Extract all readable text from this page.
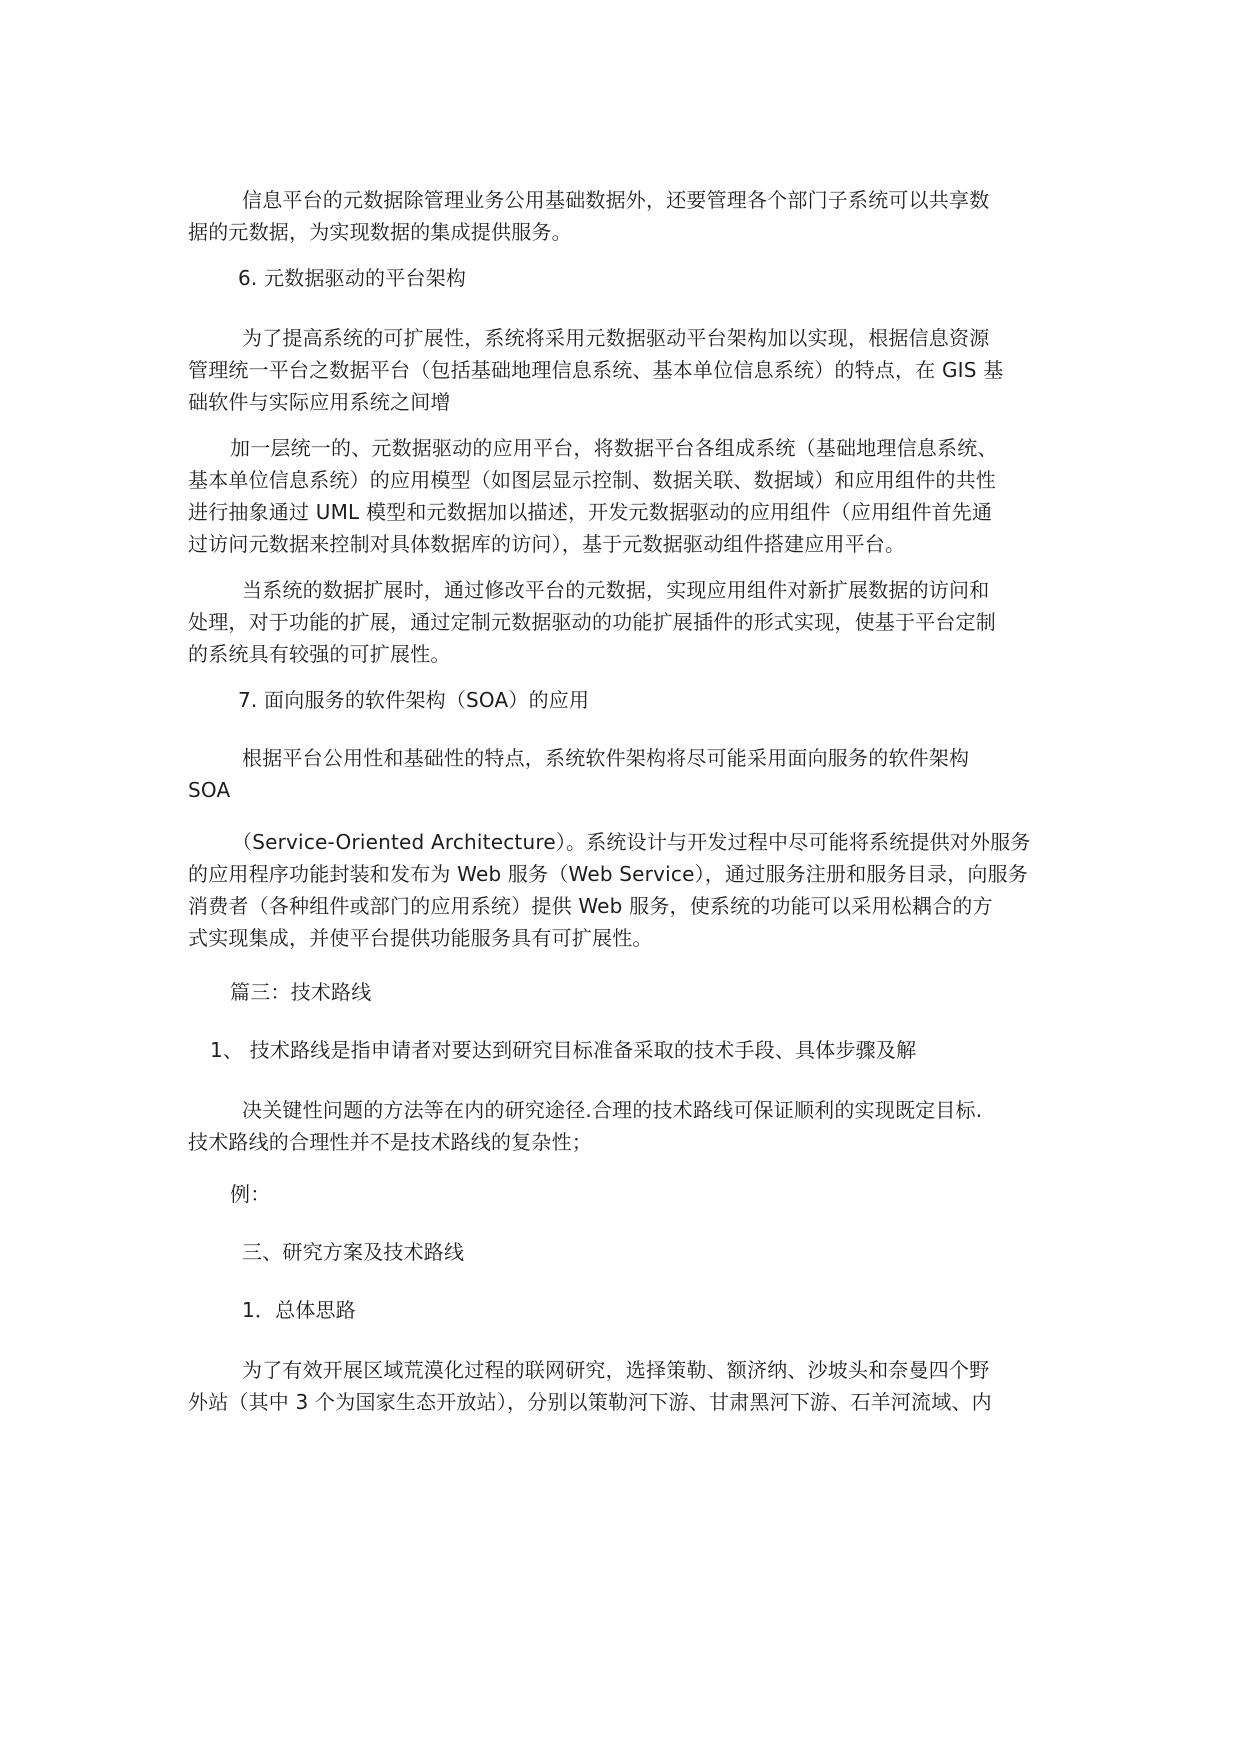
信息平台的元数据除管理业务公用基础数据外，还要管理各个部门子系统可以共享数
据的元数据，为实现数据的集成提供服务。
6. 元数据驱动的平台架构
为了提高系统的可扩展性，系统将采用元数据驱动平台架构加以实现，根据信息资源
管理统一平台之数据平台（包括基础地理信息系统、基本单位信息系统）的特点，在 GIS 基
础软件与实际应用系统之间增
加一层统一的、元数据驱动的应用平台，将数据平台各组成系统（基础地理信息系统、
基本单位信息系统）的应用模型（如图层显示控制、数据关联、数据域）和应用组件的共性
进行抽象通过 UML 模型和元数据加以描述，开发元数据驱动的应用组件（应用组件首先通
过访问元数据来控制对具体数据库的访问），基于元数据驱动组件搭建应用平台。
当系统的数据扩展时，通过修改平台的元数据，实现应用组件对新扩展数据的访问和
处理，对于功能的扩展，通过定制元数据驱动的功能扩展插件的形式实现，使基于平台定制
的系统具有较强的可扩展性。
7. 面向服务的软件架构（SOA）的应用
根据平台公用性和基础性的特点，系统软件架构将尽可能采用面向服务的软件架构
SOA
（Service-Oriented Architecture）。系统设计与开发过程中尽可能将系统提供对外服务
的应用程序功能封装和发布为 Web 服务（Web Service），通过服务注册和服务目录，向服务
消费者（各种组件或部门的应用系统）提供 Web 服务，使系统的功能可以采用松耦合的方
式实现集成，并使平台提供功能服务具有可扩展性。
篇三：技术路线
1、 技术路线是指申请者对要达到研究目标准备采取的技术手段、具体步骤及解
决关键性问题的方法等在内的研究途径.合理的技术路线可保证顺利的实现既定目标.
技术路线的合理性并不是技术路线的复杂性；
例：
三、研究方案及技术路线
1．总体思路
为了有效开展区域荒漠化过程的联网研究，选择策勒、额济纳、沙坡头和奈曼四个野
外站（其中 3 个为国家生态开放站），分别以策勒河下游、甘肃黑河下游、石羊河流域、内
